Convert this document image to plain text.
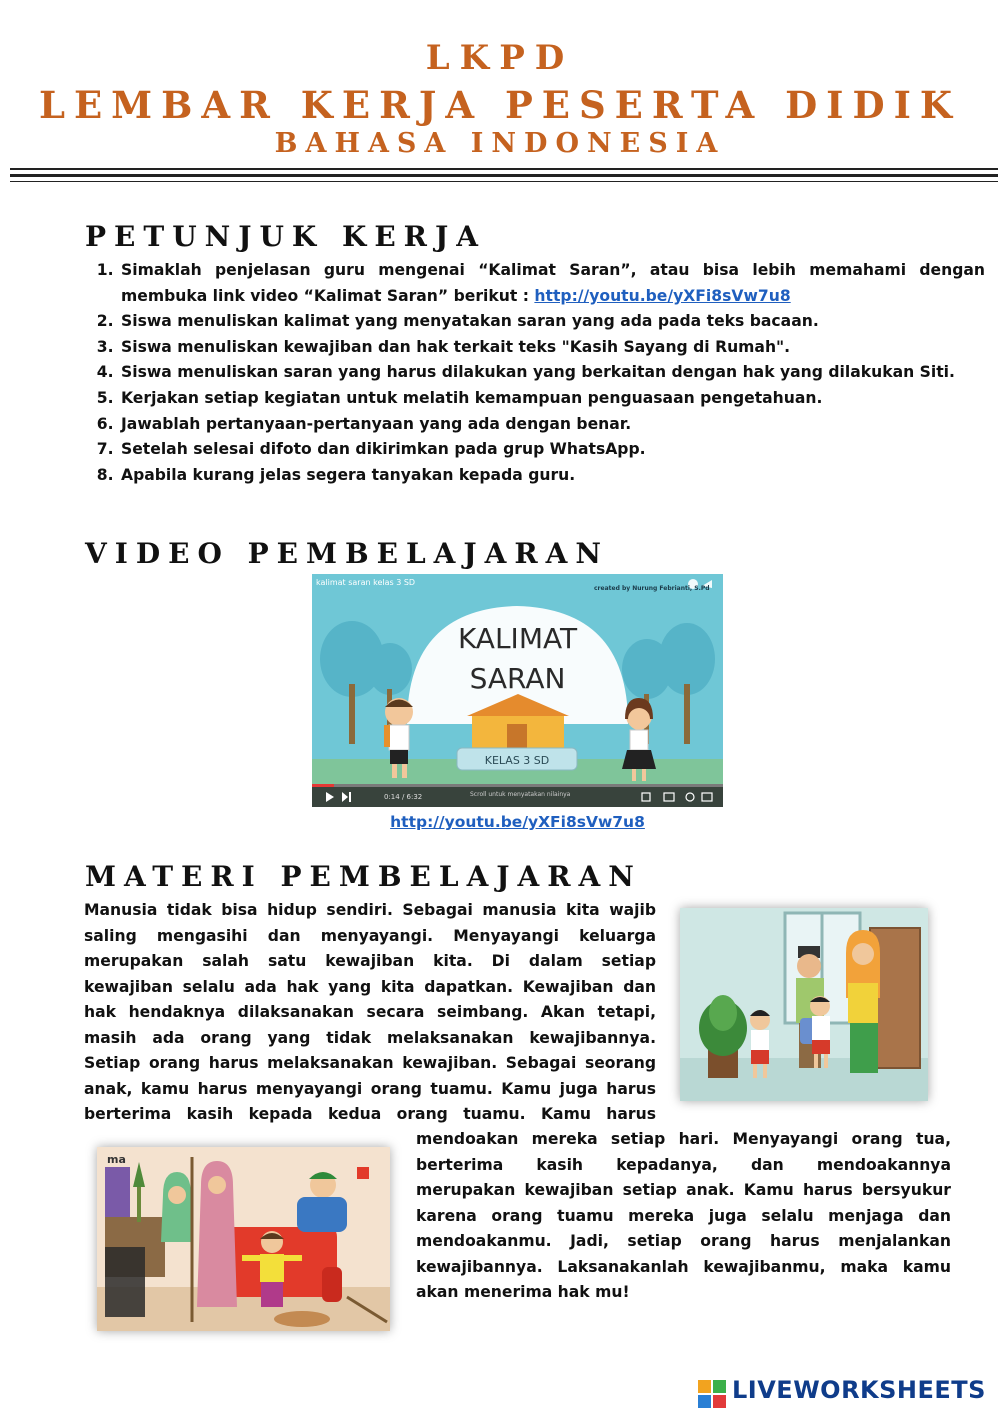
LKPD
LEMBAR KERJA PESERTA DIDIK
BAHASA INDONESIA
PETUNJUK KERJA
1. Simaklah penjelasan guru mengenai “Kalimat Saran”, atau bisa lebih memahami dengan membuka link video “Kalimat Saran” berikut : http://youtu.be/yXFi8sVw7u8
2. Siswa menuliskan kalimat yang menyatakan saran yang ada pada teks bacaan.
3. Siswa menuliskan kewajiban dan hak terkait teks "Kasih Sayang di Rumah".
4. Siswa menuliskan saran yang harus dilakukan yang berkaitan dengan hak yang dilakukan Siti.
5. Kerjakan setiap kegiatan untuk melatih kemampuan penguasaan pengetahuan.
6. Jawablah pertanyaan-pertanyaan yang ada dengan benar.
7. Setelah selesai difoto dan dikirimkan pada grup WhatsApp.
8. Apabila kurang jelas segera tanyakan kepada guru.
VIDEO PEMBELAJARAN
kalimat saran kelas 3 SD
created by Nurung Febrianti, S.Pd
KALIMAT
SARAN
KELAS 3 SD
0:14 / 6:32	Scroll untuk menyatakan nilainya
http://youtu.be/yXFi8sVw7u8
MATERI PEMBELAJARAN
Manusia tidak bisa hidup sendiri. Sebagai manusia kita wajib
saling mengasihi dan menyayangi. Menyayangi keluarga
merupakan salah satu kewajiban kita. Di dalam setiap
kewajiban selalu ada hak yang kita dapatkan. Kewajiban dan
hak hendaknya dilaksanakan secara seimbang. Akan tetapi,
masih ada orang yang tidak melaksanakan kewajibannya.
Setiap orang harus melaksanakan kewajiban. Sebagai seorang
anak, kamu harus menyayangi orang tuamu. Kamu juga harus
berterima kasih kepada kedua orang tuamu. Kamu harus
mendoakan mereka setiap hari. Menyayangi orang tua,
berterima kasih kepadanya, dan mendoakannya
merupakan kewajiban setiap anak. Kamu harus bersyukur
karena orang tuamu mereka juga selalu menjaga dan
mendoakanmu. Jadi, setiap orang harus menjalankan
kewajibannya. Laksanakanlah kewajibanmu, maka kamu
akan menerima hak mu!
ma
LIVEWORKSHEETS
